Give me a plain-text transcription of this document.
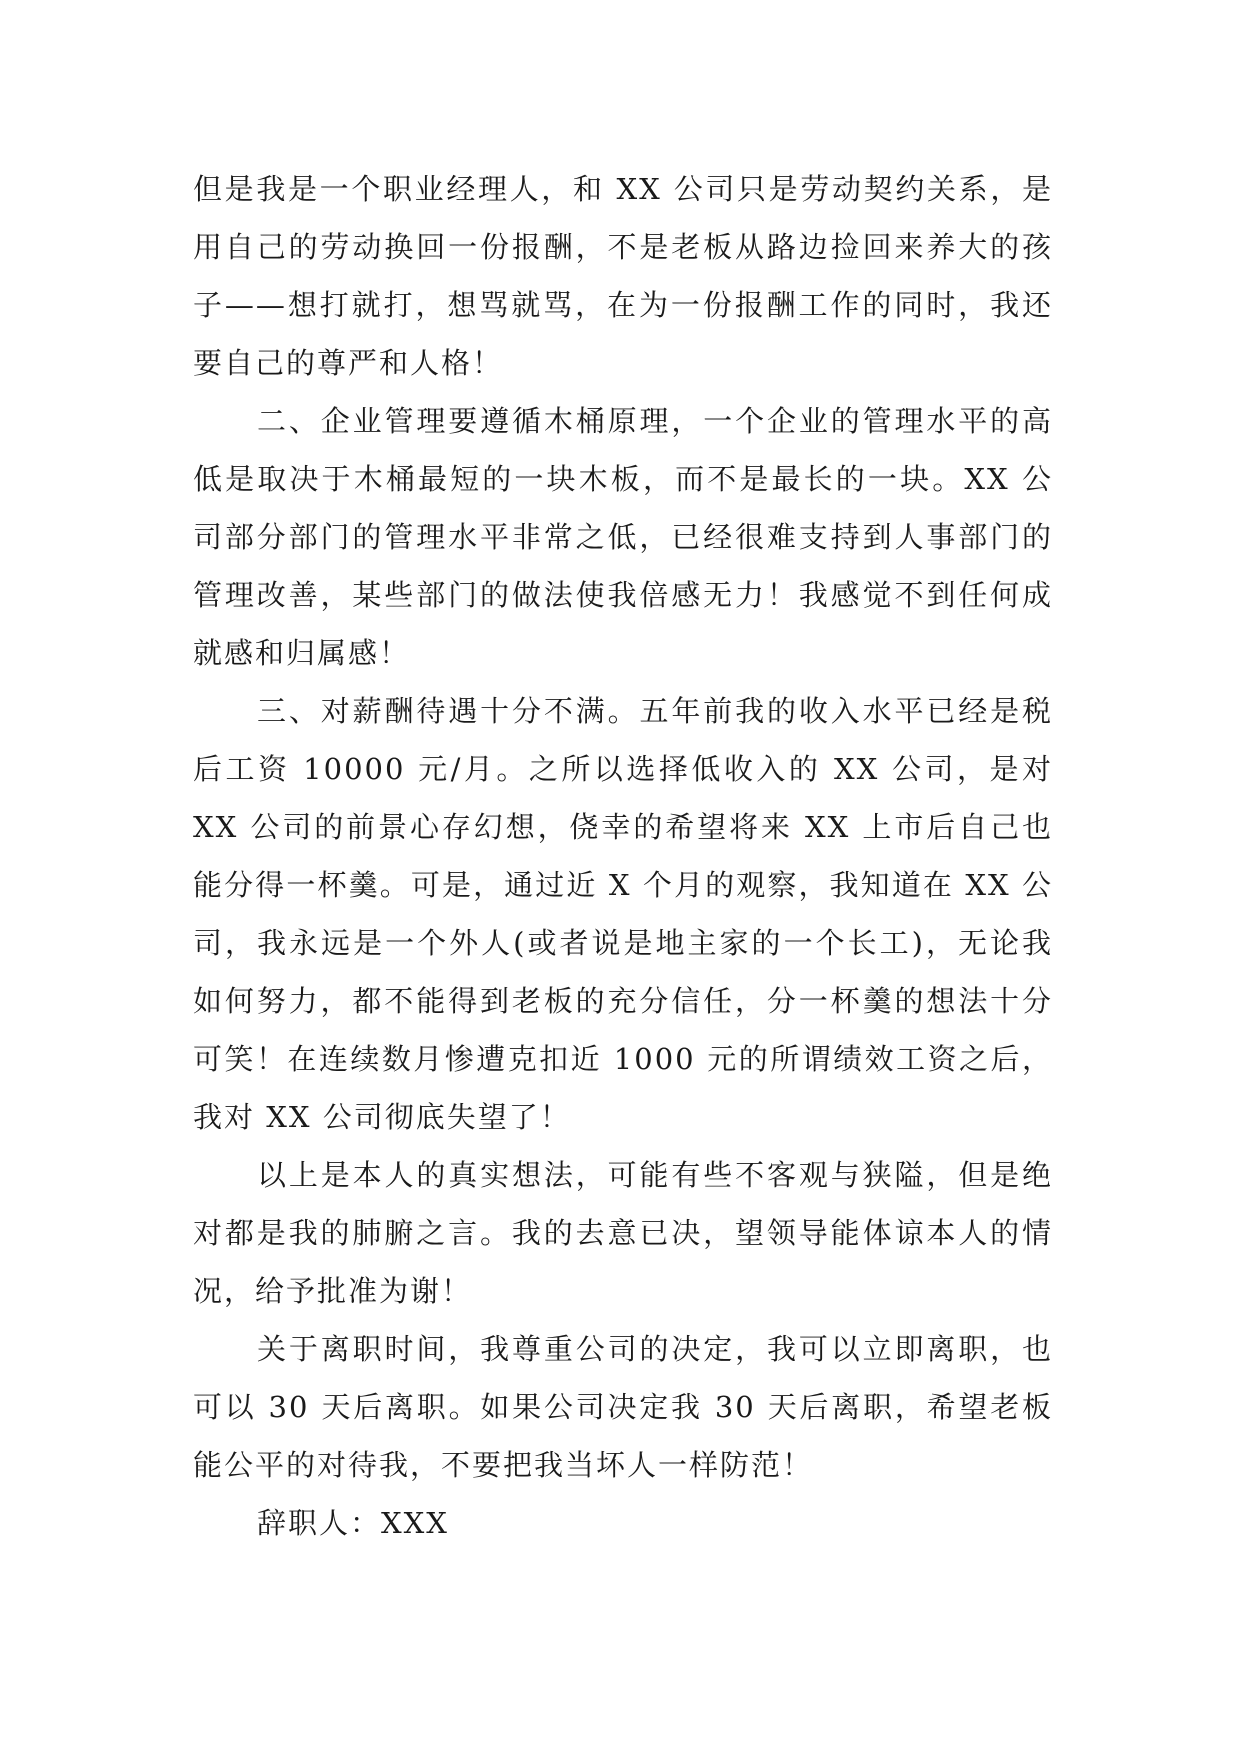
但是我是一个职业经理人，和 XX 公司只是劳动契约关系，是用自己的劳动换回一份报酬，不是老板从路边捡回来养大的孩子——想打就打，想骂就骂，在为一份报酬工作的同时，我还要自己的尊严和人格！

二、企业管理要遵循木桶原理，一个企业的管理水平的高低是取决于木桶最短的一块木板，而不是最长的一块。XX 公司部分部门的管理水平非常之低，已经很难支持到人事部门的管理改善，某些部门的做法使我倍感无力！我感觉不到任何成就感和归属感！

三、对薪酬待遇十分不满。五年前我的收入水平已经是税后工资 10000 元/月。之所以选择低收入的 XX 公司，是对 XX 公司的前景心存幻想，侥幸的希望将来 XX 上市后自己也能分得一杯羹。可是，通过近 X 个月的观察，我知道在 XX 公司，我永远是一个外人(或者说是地主家的一个长工)，无论我如何努力，都不能得到老板的充分信任，分一杯羹的想法十分可笑！在连续数月惨遭克扣近 1000 元的所谓绩效工资之后，我对 XX 公司彻底失望了！

以上是本人的真实想法，可能有些不客观与狭隘，但是绝对都是我的肺腑之言。我的去意已决，望领导能体谅本人的情况，给予批准为谢！

关于离职时间，我尊重公司的决定，我可以立即离职，也可以 30 天后离职。如果公司决定我 30 天后离职，希望老板能公平的对待我，不要把我当坏人一样防范！

辞职人：XXX
